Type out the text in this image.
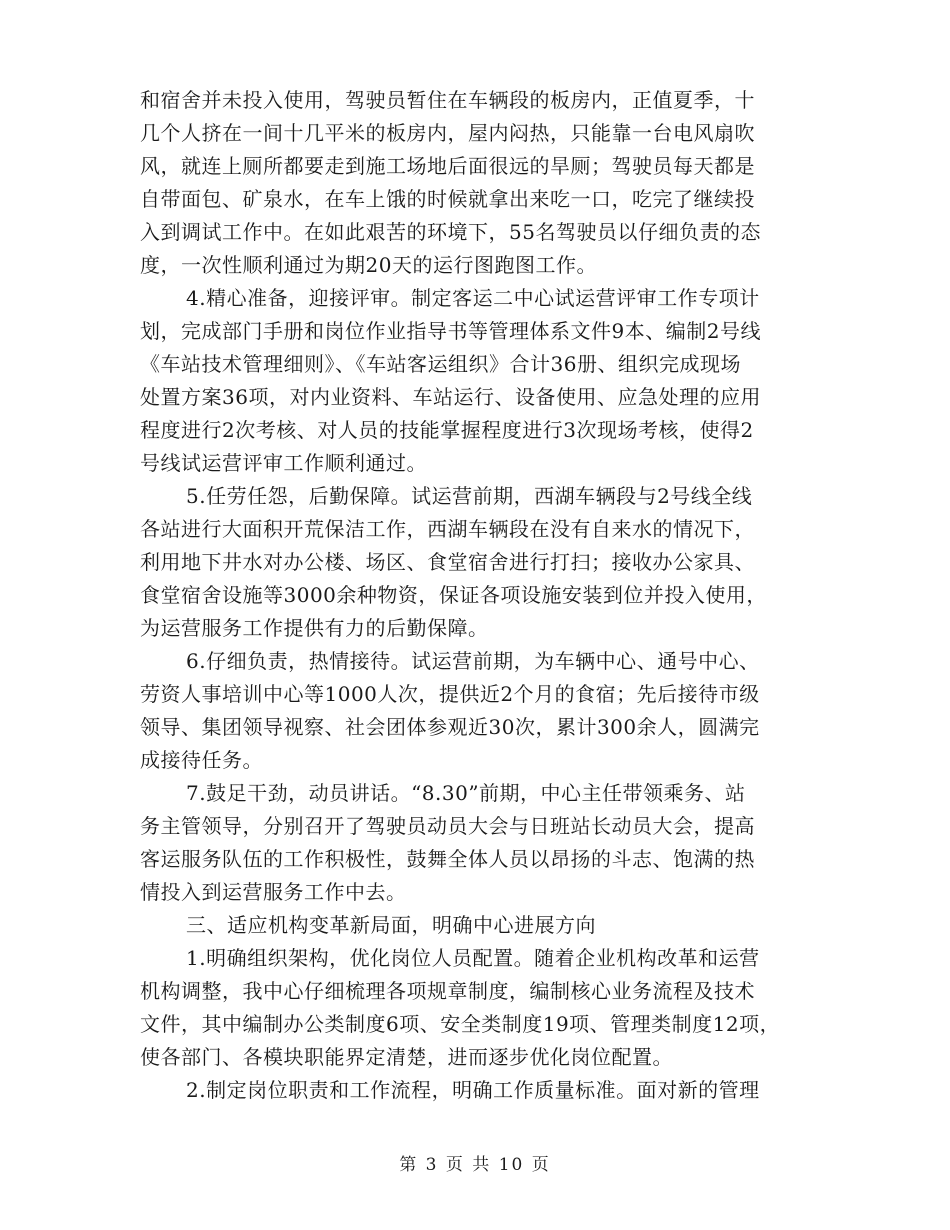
和宿舍并未投入使用，驾驶员暂住在车辆段的板房内，正值夏季，十
几个人挤在一间十几平米的板房内，屋内闷热，只能靠一台电风扇吹
风，就连上厕所都要走到施工场地后面很远的旱厕；驾驶员每天都是
自带面包、矿泉水，在车上饿的时候就拿出来吃一口，吃完了继续投
入到调试工作中。在如此艰苦的环境下，55名驾驶员以仔细负责的态
度，一次性顺利通过为期20天的运行图跑图工作。
4.精心准备，迎接评审。制定客运二中心试运营评审工作专项计
划，完成部门手册和岗位作业指导书等管理体系文件9本、编制2号线
《车站技术管理细则》、《车站客运组织》合计36册、组织完成现场
处置方案36项，对内业资料、车站运行、设备使用、应急处理的应用
程度进行2次考核、对人员的技能掌握程度进行3次现场考核，使得2
号线试运营评审工作顺利通过。
5.任劳任怨，后勤保障。试运营前期，西湖车辆段与2号线全线
各站进行大面积开荒保洁工作，西湖车辆段在没有自来水的情况下，
利用地下井水对办公楼、场区、食堂宿舍进行打扫；接收办公家具、
食堂宿舍设施等3000余种物资，保证各项设施安装到位并投入使用，
为运营服务工作提供有力的后勤保障。
6.仔细负责，热情接待。试运营前期，为车辆中心、通号中心、
劳资人事培训中心等1000人次，提供近2个月的食宿；先后接待市级
领导、集团领导视察、社会团体参观近30次，累计300余人，圆满完
成接待任务。
7.鼓足干劲，动员讲话。“8.30”前期，中心主任带领乘务、站
务主管领导，分别召开了驾驶员动员大会与日班站长动员大会，提高
客运服务队伍的工作积极性，鼓舞全体人员以昂扬的斗志、饱满的热
情投入到运营服务工作中去。
三、适应机构变革新局面，明确中心进展方向
1.明确组织架构，优化岗位人员配置。随着企业机构改革和运营
机构调整，我中心仔细梳理各项规章制度，编制核心业务流程及技术
文件，其中编制办公类制度6项、安全类制度19项、管理类制度12项，
使各部门、各模块职能界定清楚，进而逐步优化岗位配置。
2.制定岗位职责和工作流程，明确工作质量标准。面对新的管理
第 3 页 共 10 页
